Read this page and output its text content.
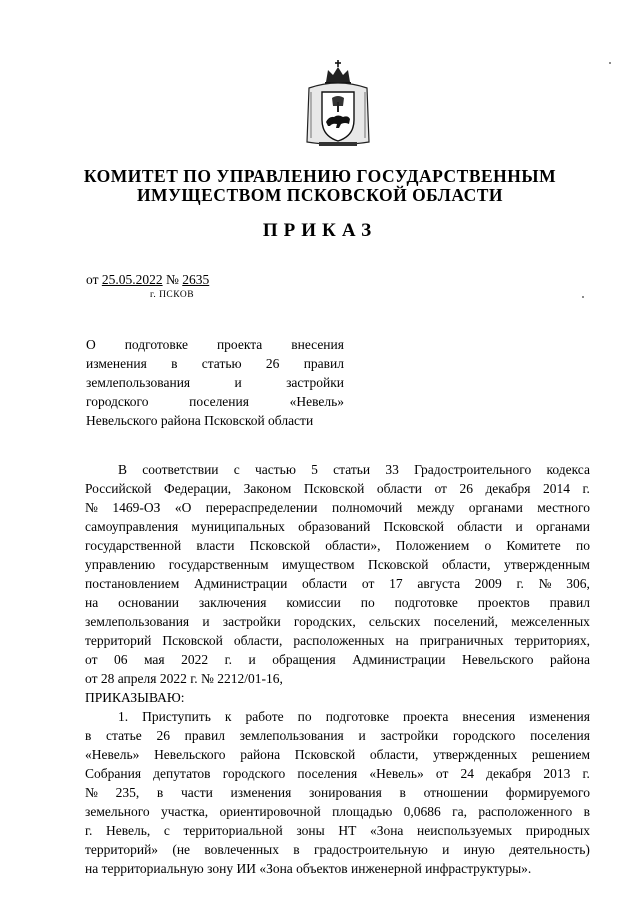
КОМИТЕТ ПО УПРАВЛЕНИЮ ГОСУДАРСТВЕННЫМ
ИМУЩЕСТВОМ ПСКОВСКОЙ ОБЛАСТИ
ПРИКАЗ
от 25.05.2022 № 2635
г. ПСКОВ
О подготовке проекта внесения
изменения в статью 26 правил
землепользования	и	застройки
городского	поселения	«Невель»
Невельского района Псковской области
В соответствии с частью 5 статьи 33 Градостроительного кодекса
Российской Федерации, Законом Псковской области от 26 декабря 2014 г.
№ 1469-ОЗ «О перераспределении полномочий между органами местного
самоуправления муниципальных образований Псковской области и органами
государственной власти Псковской области», Положением о Комитете по
управлению государственным имуществом Псковской области, утвержденным
постановлением Администрации области от 17 августа 2009 г. № 306,
на основании заключения комиссии по подготовке проектов правил
землепользования и застройки городских, сельских поселений, межселенных
территорий Псковской области, расположенных на приграничных территориях,
от 06 мая 2022 г. и обращения Администрации Невельского района
от 28 апреля 2022 г. № 2212/01-16,
ПРИКАЗЫВАЮ:
1. Приступить к работе по подготовке проекта внесения изменения
в статье 26 правил землепользования и застройки городского поселения
«Невель» Невельского района Псковской области, утвержденных решением
Собрания депутатов городского поселения «Невель» от 24 декабря 2013 г.
№ 235, в части изменения зонирования в отношении формируемого
земельного участка, ориентировочной площадью 0,0686 га, расположенного в
г. Невель, с территориальной зоны НТ «Зона неиспользуемых природных
территорий» (не вовлеченных в градостроительную и иную деятельность)
на территориальную зону ИИ «Зона объектов инженерной инфраструктуры».
